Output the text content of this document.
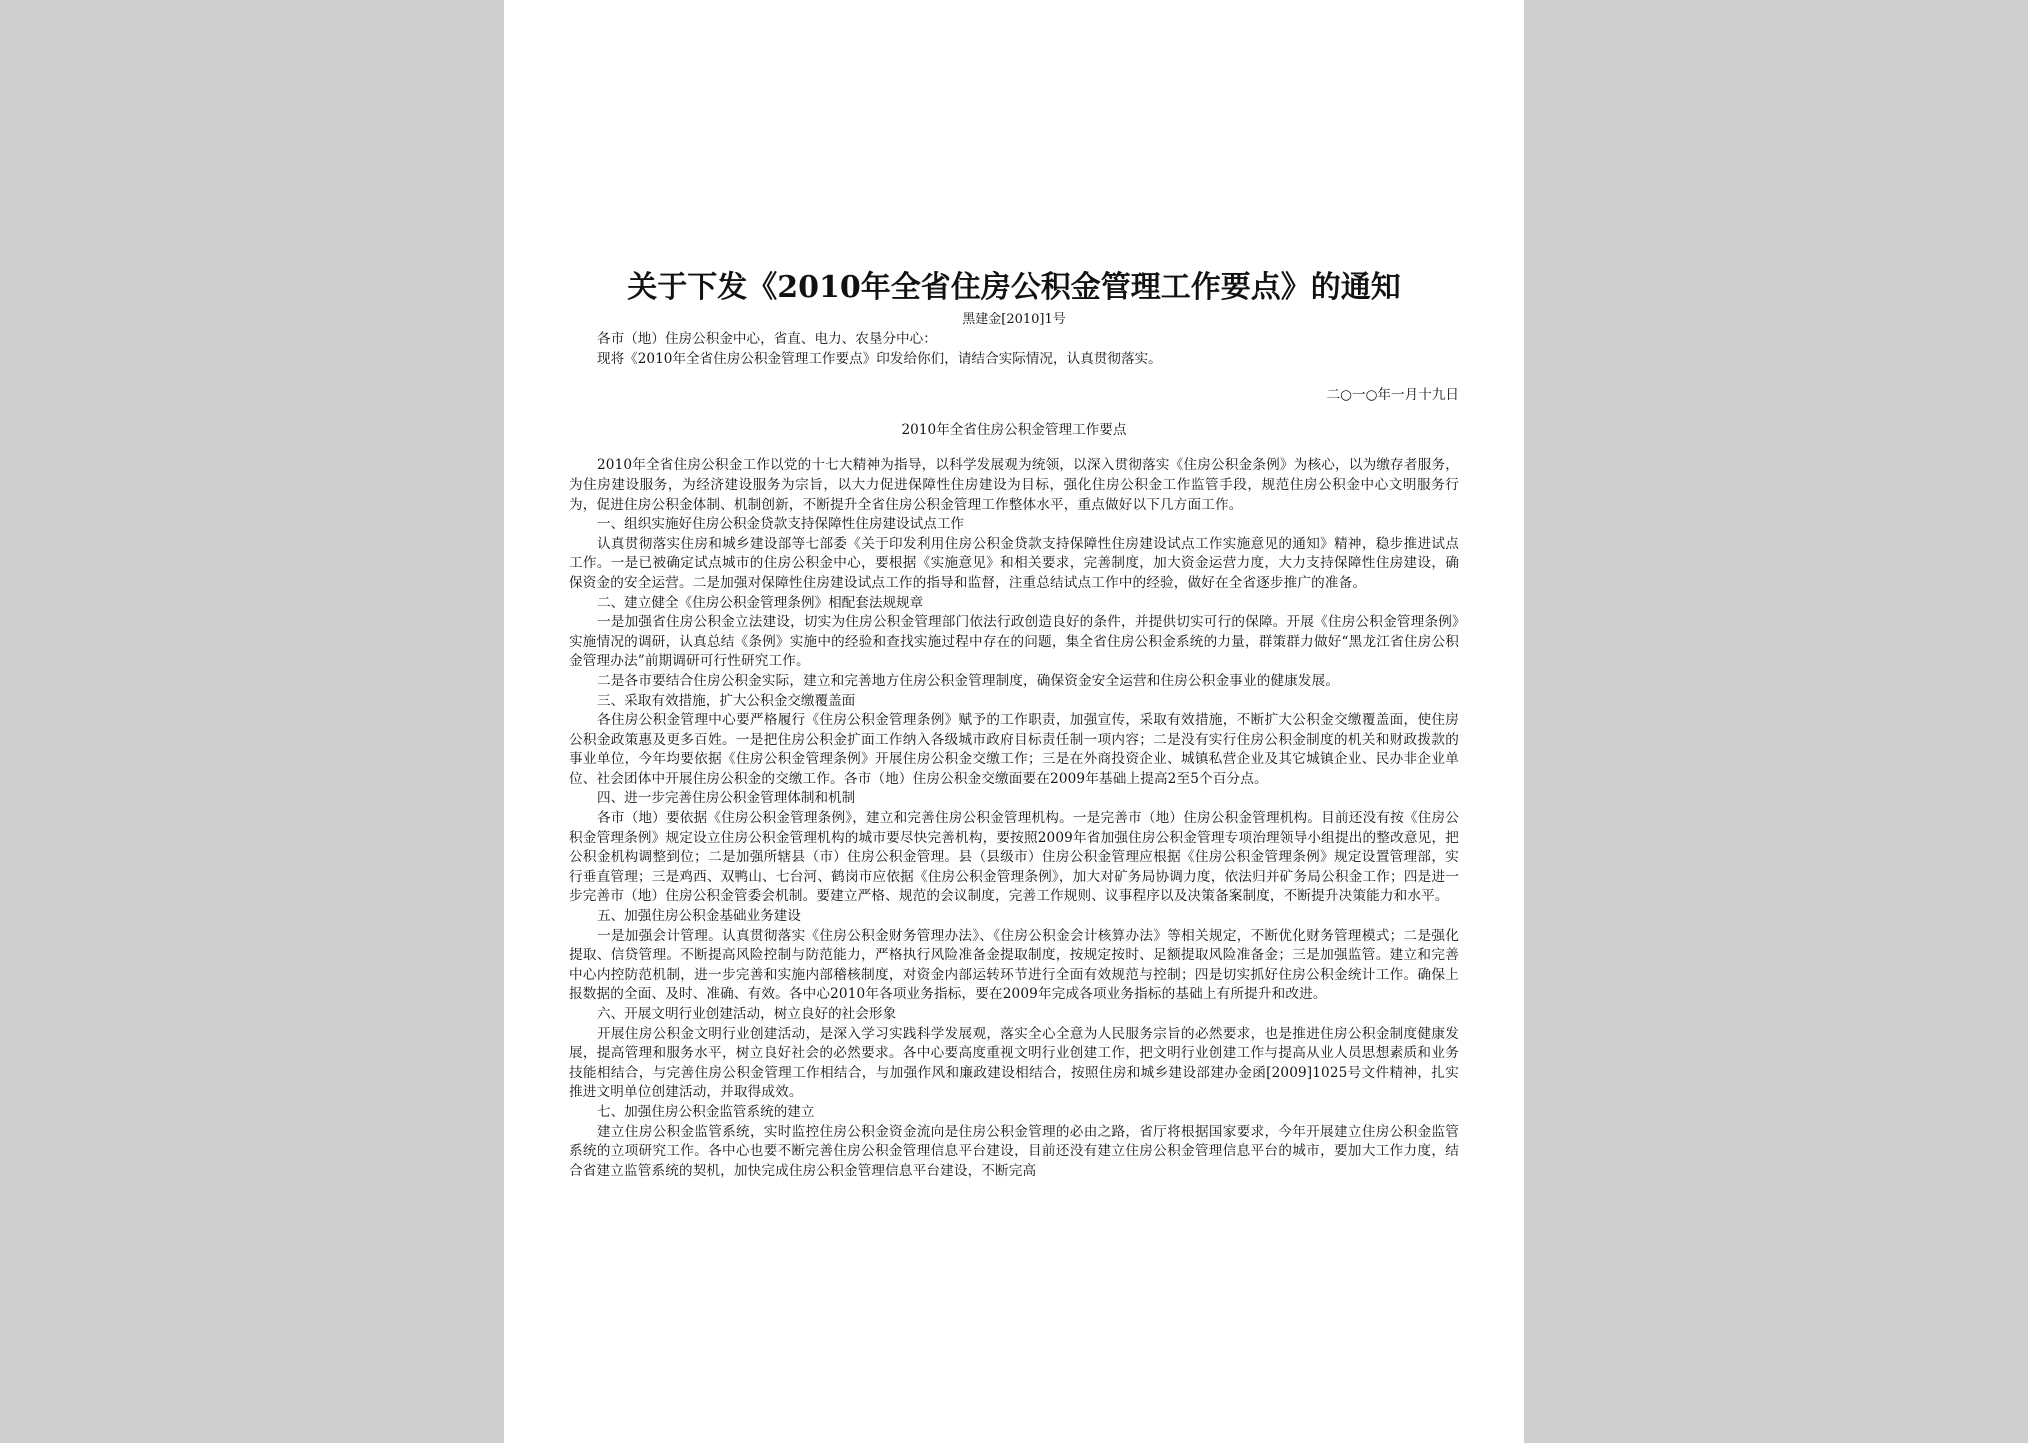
关于下发《2010年全省住房公积金管理工作要点》的通知

黑建金[2010]1号

各市（地）住房公积金中心，省直、电力、农垦分中心：

现将《2010年全省住房公积金管理工作要点》印发给你们，请结合实际情况，认真贯彻落实。

二○一○年一月十九日

2010年全省住房公积金管理工作要点

2010年全省住房公积金工作以党的十七大精神为指导，以科学发展观为统领，以深入贯彻落实《住房公积金条例》为核心，以为缴存者服务，为住房建设服务，为经济建设服务为宗旨，以大力促进保障性住房建设为目标，强化住房公积金工作监管手段，规范住房公积金中心文明服务行为，促进住房公积金体制、机制创新，不断提升全省住房公积金管理工作整体水平，重点做好以下几方面工作。

一、组织实施好住房公积金贷款支持保障性住房建设试点工作

认真贯彻落实住房和城乡建设部等七部委《关于印发利用住房公积金贷款支持保障性住房建设试点工作实施意见的通知》精神，稳步推进试点工作。一是已被确定试点城市的住房公积金中心，要根据《实施意见》和相关要求，完善制度，加大资金运营力度，大力支持保障性住房建设，确保资金的安全运营。二是加强对保障性住房建设试点工作的指导和监督，注重总结试点工作中的经验，做好在全省逐步推广的准备。

二、建立健全《住房公积金管理条例》相配套法规规章

一是加强省住房公积金立法建设，切实为住房公积金管理部门依法行政创造良好的条件，并提供切实可行的保障。开展《住房公积金管理条例》实施情况的调研，认真总结《条例》实施中的经验和查找实施过程中存在的问题，集全省住房公积金系统的力量，群策群力做好“黑龙江省住房公积金管理办法”前期调研可行性研究工作。

二是各市要结合住房公积金实际，建立和完善地方住房公积金管理制度，确保资金安全运营和住房公积金事业的健康发展。

三、采取有效措施，扩大公积金交缴覆盖面

各住房公积金管理中心要严格履行《住房公积金管理条例》赋予的工作职责，加强宣传，采取有效措施，不断扩大公积金交缴覆盖面，使住房公积金政策惠及更多百姓。一是把住房公积金扩面工作纳入各级城市政府目标责任制一项内容；二是没有实行住房公积金制度的机关和财政拨款的事业单位，今年均要依据《住房公积金管理条例》开展住房公积金交缴工作；三是在外商投资企业、城镇私营企业及其它城镇企业、民办非企业单位、社会团体中开展住房公积金的交缴工作。各市（地）住房公积金交缴面要在2009年基础上提高2至5个百分点。

四、进一步完善住房公积金管理体制和机制

各市（地）要依据《住房公积金管理条例》，建立和完善住房公积金管理机构。一是完善市（地）住房公积金管理机构。目前还没有按《住房公积金管理条例》规定设立住房公积金管理机构的城市要尽快完善机构，要按照2009年省加强住房公积金管理专项治理领导小组提出的整改意见，把公积金机构调整到位；二是加强所辖县（市）住房公积金管理。县（县级市）住房公积金管理应根据《住房公积金管理条例》规定设置管理部，实行垂直管理；三是鸡西、双鸭山、七台河、鹤岗市应依据《住房公积金管理条例》，加大对矿务局协调力度，依法归并矿务局公积金工作；四是进一步完善市（地）住房公积金管委会机制。要建立严格、规范的会议制度，完善工作规则、议事程序以及决策备案制度，不断提升决策能力和水平。

五、加强住房公积金基础业务建设

一是加强会计管理。认真贯彻落实《住房公积金财务管理办法》、《住房公积金会计核算办法》等相关规定，不断优化财务管理模式；二是强化提取、信贷管理。不断提高风险控制与防范能力，严格执行风险准备金提取制度，按规定按时、足额提取风险准备金；三是加强监管。建立和完善中心内控防范机制，进一步完善和实施内部稽核制度，对资金内部运转环节进行全面有效规范与控制；四是切实抓好住房公积金统计工作。确保上报数据的全面、及时、准确、有效。各中心2010年各项业务指标，要在2009年完成各项业务指标的基础上有所提升和改进。

六、开展文明行业创建活动，树立良好的社会形象

开展住房公积金文明行业创建活动，是深入学习实践科学发展观，落实全心全意为人民服务宗旨的必然要求，也是推进住房公积金制度健康发展，提高管理和服务水平，树立良好社会的必然要求。各中心要高度重视文明行业创建工作，把文明行业创建工作与提高从业人员思想素质和业务技能相结合，与完善住房公积金管理工作相结合，与加强作风和廉政建设相结合，按照住房和城乡建设部建办金函[2009]1025号文件精神，扎实推进文明单位创建活动，并取得成效。

七、加强住房公积金监管系统的建立

建立住房公积金监管系统，实时监控住房公积金资金流向是住房公积金管理的必由之路，省厅将根据国家要求，今年开展建立住房公积金监管系统的立项研究工作。各中心也要不断完善住房公积金管理信息平台建设，目前还没有建立住房公积金管理信息平台的城市，要加大工作力度，结合省建立监管系统的契机，加快完成住房公积金管理信息平台建设，不断完高
